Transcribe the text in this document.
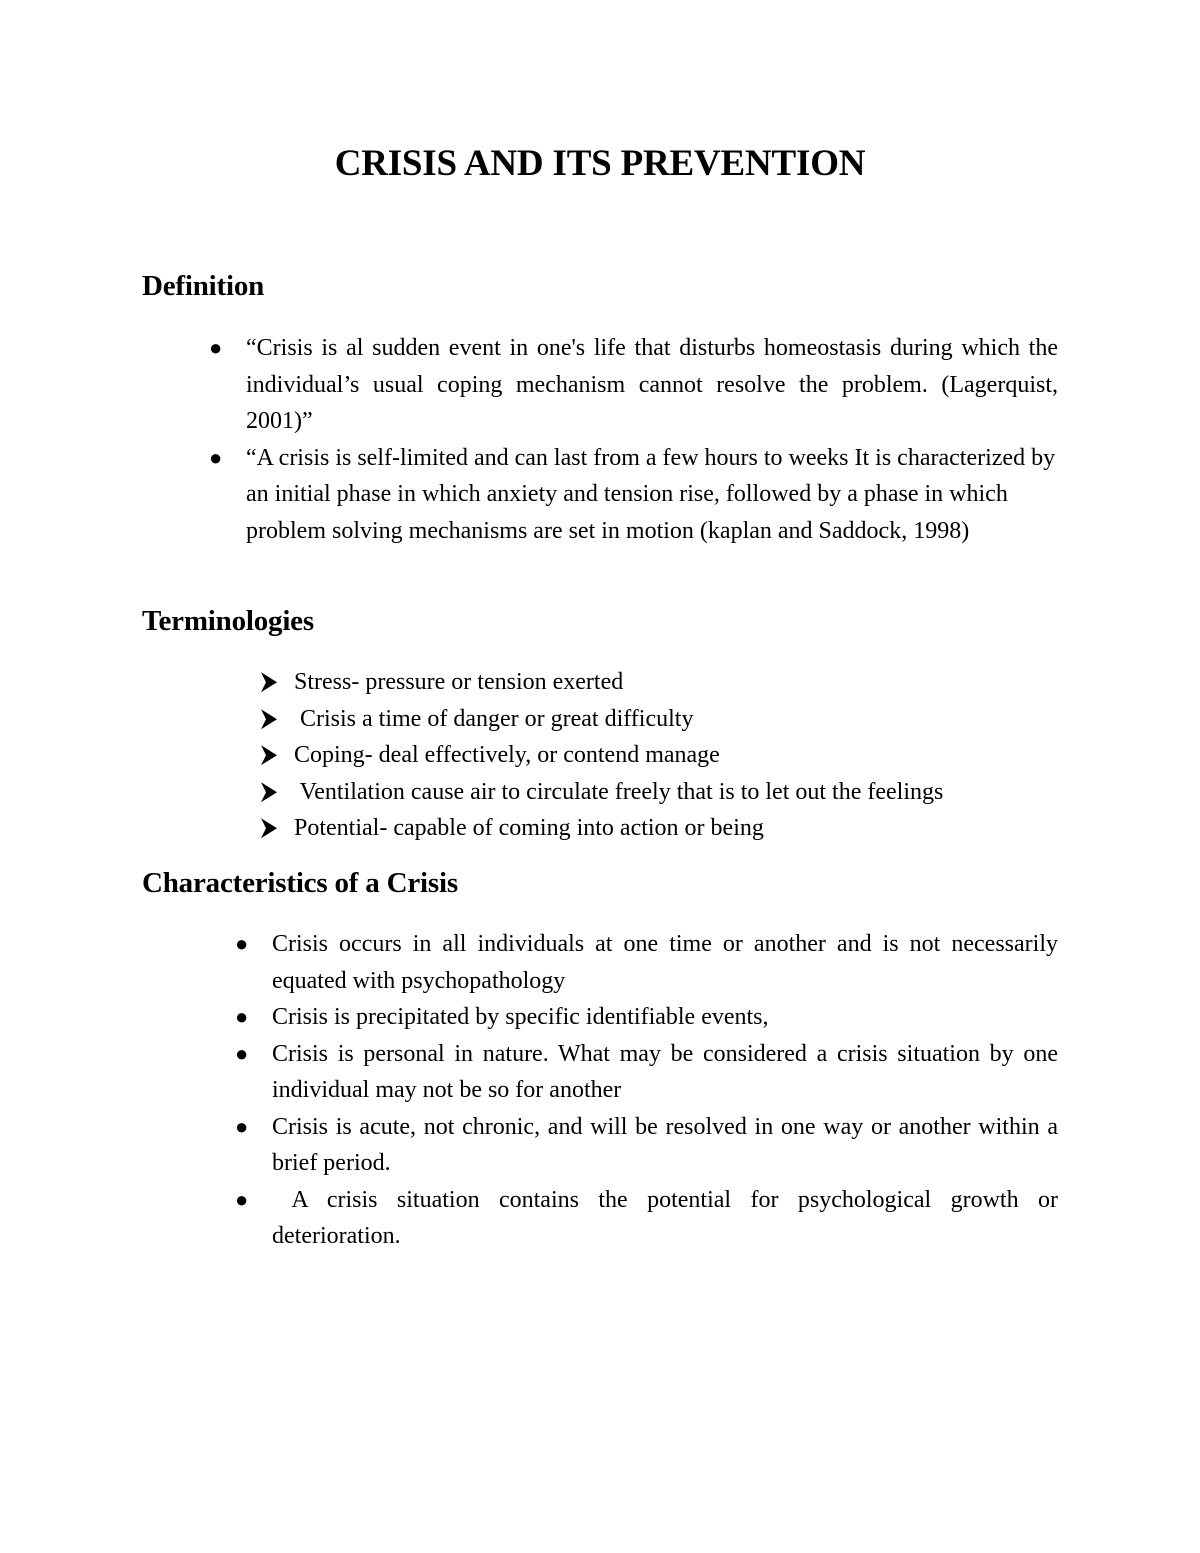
CRISIS AND ITS PREVENTION
Definition
● “Crisis is al sudden event in one's life that disturbs homeostasis during which the individual’s usual coping mechanism cannot resolve the problem. (Lagerquist, 2001)”
● “A crisis is self-limited and can last from a few hours to weeks It is characterized by an initial phase in which anxiety and tension rise, followed by a phase in which problem solving mechanisms are set in motion (kaplan and Saddock, 1998)
Terminologies
Stress- pressure or tension exerted
Crisis a time of danger or great difficulty
Coping- deal effectively, or contend manage
Ventilation cause air to circulate freely that is to let out the feelings
Potential- capable of coming into action or being
Characteristics of a Crisis
● Crisis occurs in all individuals at one time or another and is not necessarily equated with psychopathology
● Crisis is precipitated by specific identifiable events,
● Crisis is personal in nature. What may be considered a crisis situation by one individual may not be so for another
● Crisis is acute, not chronic, and will be resolved in one way or another within a brief period.
● A crisis situation contains the potential for psychological growth or deterioration.
